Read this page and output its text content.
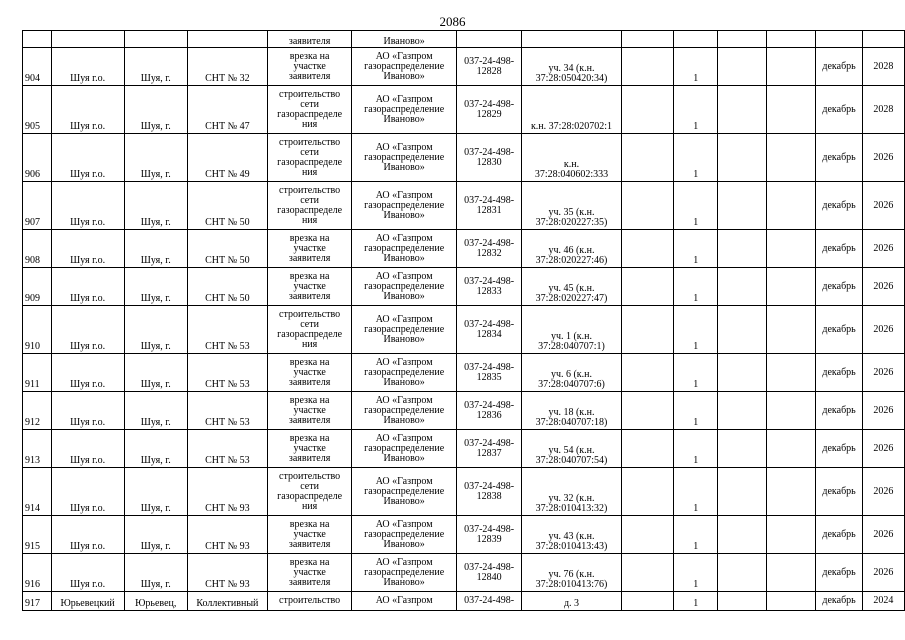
2086
				заявителя	Иваново»								
904	Шуя г.о.	Шуя, г.	СНТ № 32	врезка на
участке
заявителя	АО «Газпром
газораспределение
Иваново»	037-24-498-
12828	уч. 34 (к.н.
37:28:050420:34)		1			декабрь	2028
905	Шуя г.о.	Шуя, г.	СНТ № 47	строительство
сети
газораспределе
ния	АО «Газпром
газораспределение
Иваново»	037-24-498-
12829	к.н. 37:28:020702:1		1			декабрь	2028
906	Шуя г.о.	Шуя, г.	СНТ № 49	строительство
сети
газораспределе
ния	АО «Газпром
газораспределение
Иваново»	037-24-498-
12830	к.н.
37:28:040602:333		1			декабрь	2026
907	Шуя г.о.	Шуя, г.	СНТ № 50	строительство
сети
газораспределе
ния	АО «Газпром
газораспределение
Иваново»	037-24-498-
12831	уч. 35 (к.н.
37:28:020227:35)		1			декабрь	2026
908	Шуя г.о.	Шуя, г.	СНТ № 50	врезка на
участке
заявителя	АО «Газпром
газораспределение
Иваново»	037-24-498-
12832	уч. 46 (к.н.
37:28:020227:46)		1			декабрь	2026
909	Шуя г.о.	Шуя, г.	СНТ № 50	врезка на
участке
заявителя	АО «Газпром
газораспределение
Иваново»	037-24-498-
12833	уч. 45 (к.н.
37:28:020227:47)		1			декабрь	2026
910	Шуя г.о.	Шуя, г.	СНТ № 53	строительство
сети
газораспределе
ния	АО «Газпром
газораспределение
Иваново»	037-24-498-
12834	уч. 1 (к.н.
37:28:040707:1)		1			декабрь	2026
911	Шуя г.о.	Шуя, г.	СНТ № 53	врезка на
участке
заявителя	АО «Газпром
газораспределение
Иваново»	037-24-498-
12835	уч. 6 (к.н.
37:28:040707:6)		1			декабрь	2026
912	Шуя г.о.	Шуя, г.	СНТ № 53	врезка на
участке
заявителя	АО «Газпром
газораспределение
Иваново»	037-24-498-
12836	уч. 18 (к.н.
37:28:040707:18)		1			декабрь	2026
913	Шуя г.о.	Шуя, г.	СНТ № 53	врезка на
участке
заявителя	АО «Газпром
газораспределение
Иваново»	037-24-498-
12837	уч. 54 (к.н.
37:28:040707:54)		1			декабрь	2026
914	Шуя г.о.	Шуя, г.	СНТ № 93	строительство
сети
газораспределе
ния	АО «Газпром
газораспределение
Иваново»	037-24-498-
12838	уч. 32 (к.н.
37:28:010413:32)		1			декабрь	2026
915	Шуя г.о.	Шуя, г.	СНТ № 93	врезка на
участке
заявителя	АО «Газпром
газораспределение
Иваново»	037-24-498-
12839	уч. 43 (к.н.
37:28:010413:43)		1			декабрь	2026
916	Шуя г.о.	Шуя, г.	СНТ № 93	врезка на
участке
заявителя	АО «Газпром
газораспределение
Иваново»	037-24-498-
12840	уч. 76 (к.н.
37:28:010413:76)		1			декабрь	2026
917	Юрьевецкий	Юрьевец,	Коллективный	строительство	АО «Газпром	037-24-498-	д. 3		1			декабрь	2024
